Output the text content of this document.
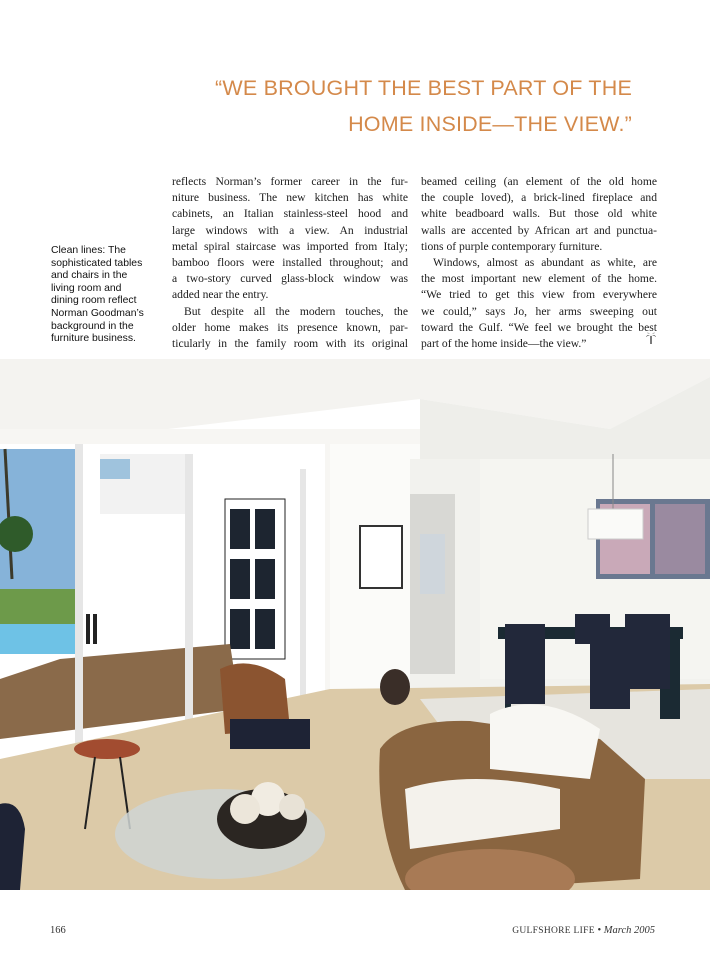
“WE BROUGHT THE BEST PART OF THE
HOME INSIDE—THE VIEW.”
Clean lines: The
sophisticated tables
and chairs in the
living room and
dining room reflect
Norman Goodman’s
background in the
furniture business.
reflects Norman’s former career in the fur-
niture business. The new kitchen has white
cabinets, an Italian stainless-steel hood and
large windows with a view. An industrial
metal spiral staircase was imported from Italy;
bamboo floors were installed throughout; and
a two-story curved glass-block window was
added near the entry.
But despite all the modern touches, the
older home makes its presence known, par-
ticularly in the family room with its original
beamed ceiling (an element of the old home
the couple loved), a brick-lined fireplace and
white beadboard walls. But those old white
walls are accented by African art and punctua-
tions of purple contemporary furniture.
Windows, almost as abundant as white, are
the most important new element of the home.
“We tried to get this view from everywhere
we could,” says Jo, her arms sweeping out
toward the Gulf. “We feel we brought the best
part of the home inside—the view.”
166	GULFSHORE LIFE • March 2005
